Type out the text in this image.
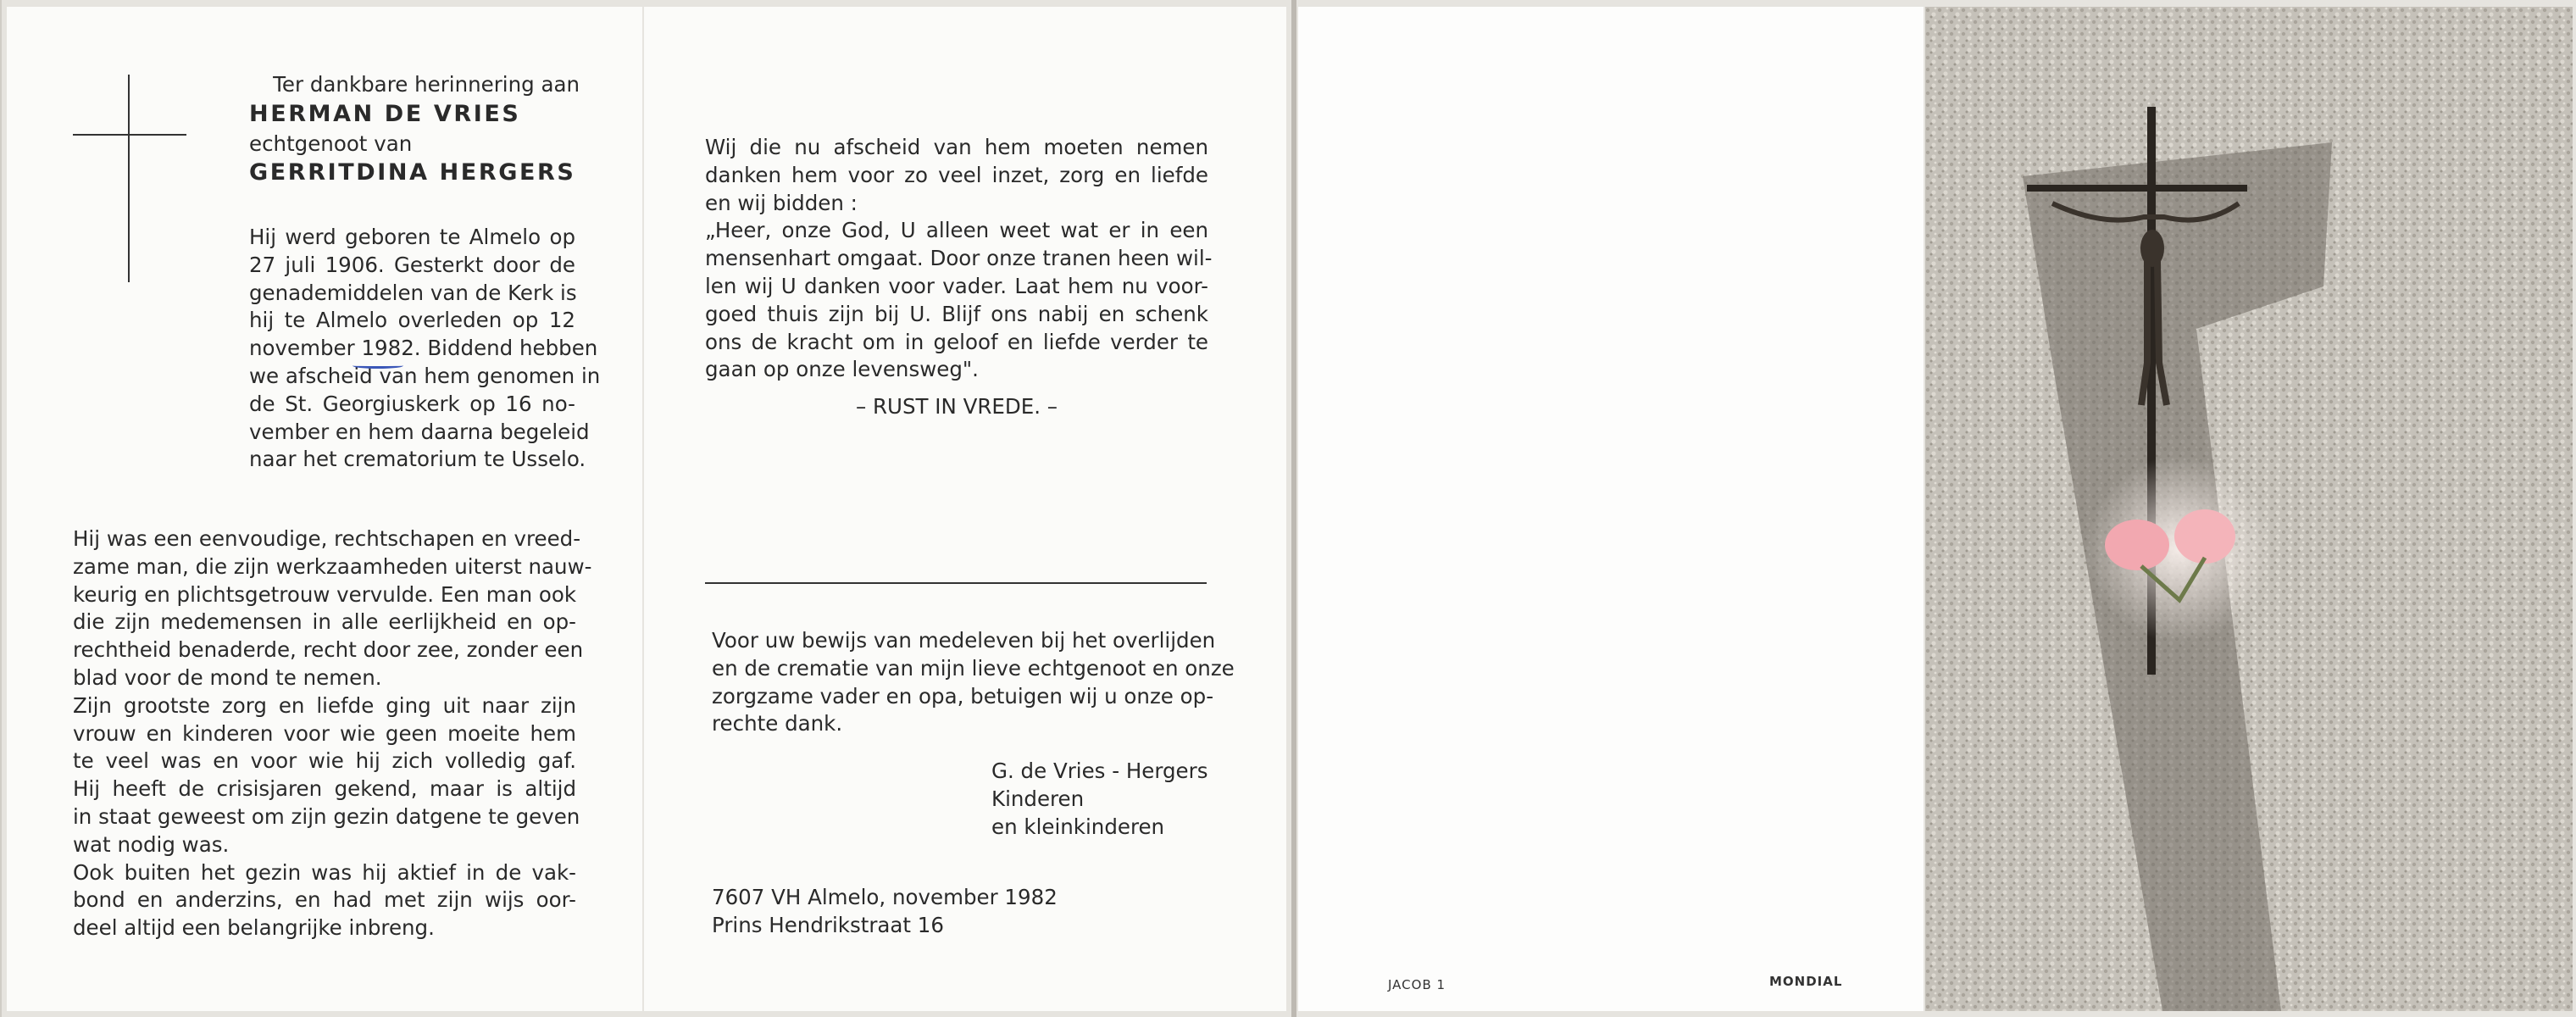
Ter dankbare herinnering aan
HERMAN DE VRIES
echtgenoot van
GERRITDINA HERGERS
Hij werd geboren te Almelo op
27 juli 1906. Gesterkt door de
genademiddelen van de Kerk is
hij te Almelo overleden op 12
november 1982. Biddend hebben
we afscheid van hem genomen in
de St. Georgiuskerk op 16 no-
vember en hem daarna begeleid
naar het crematorium te Usselo.
Hij was een eenvoudige, rechtschapen en vreed-
zame man, die zijn werkzaamheden uiterst nauw-
keurig en plichtsgetrouw vervulde. Een man ook
die zijn medemensen in alle eerlijkheid en op-
rechtheid benaderde, recht door zee, zonder een
blad voor de mond te nemen.
Zijn grootste zorg en liefde ging uit naar zijn
vrouw en kinderen voor wie geen moeite hem
te veel was en voor wie hij zich volledig gaf.
Hij heeft de crisisjaren gekend, maar is altijd
in staat geweest om zijn gezin datgene te geven
wat nodig was.
Ook buiten het gezin was hij aktief in de vak-
bond en anderzins, en had met zijn wijs oor-
deel altijd een belangrijke inbreng.
Wij die nu afscheid van hem moeten nemen
danken hem voor zo veel inzet, zorg en liefde
en wij bidden :
„Heer, onze God, U alleen weet wat er in een
mensenhart omgaat. Door onze tranen heen wil-
len wij U danken voor vader. Laat hem nu voor-
goed thuis zijn bij U. Blijf ons nabij en schenk
ons de kracht om in geloof en liefde verder te
gaan op onze levensweg".
– RUST IN VREDE. –
Voor uw bewijs van medeleven bij het overlijden
en de crematie van mijn lieve echtgenoot en onze
zorgzame vader en opa, betuigen wij u onze op-
rechte dank.
G. de Vries - Hergers
Kinderen
en kleinkinderen
7607 VH Almelo, november 1982
Prins Hendrikstraat 16
JACOB 1	MONDIAL
